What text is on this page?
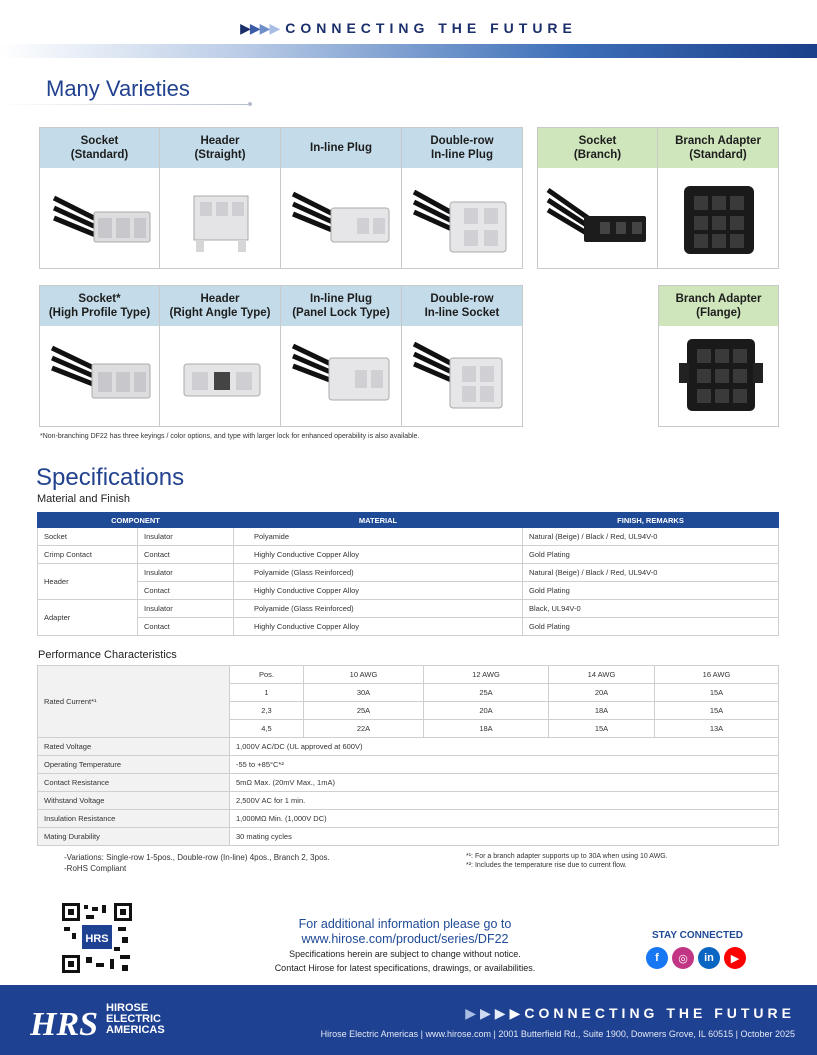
▶▶▶▶ CONNECTING THE FUTURE
Many Varieties
Socket
(Standard)
Header
(Straight)
In-line Plug
Double-row
In-line Plug
Socket
(Branch)
Branch Adapter
(Standard)
Socket*
(High Profile Type)
Header
(Right Angle Type)
In-line Plug
(Panel Lock Type)
Double-row
In-line Socket
Branch Adapter
(Flange)
*Non-branching DF22 has three keyings / color options, and type with larger lock for enhanced operability is also available.
Specifications
Material and Finish
COMPONENT		MATERIAL	FINISH, REMARKS
Socket	Insulator	Polyamide	Natural (Beige) / Black / Red, UL94V-0
Crimp Contact	Contact	Highly Conductive Copper Alloy	Gold Plating
Header	Insulator	Polyamide (Glass Reinforced)	Natural (Beige) / Black / Red, UL94V-0
	Contact	Highly Conductive Copper Alloy	Gold Plating
Adapter	Insulator	Polyamide (Glass Reinforced)	Black, UL94V-0
	Contact	Highly Conductive Copper Alloy	Gold Plating
Performance Characteristics
Rated Current*¹	Pos.	10 AWG	12 AWG	14 AWG	16 AWG
	1	30A	25A	20A	15A
	2,3	25A	20A	18A	15A
	4,5	22A	18A	15A	13A
Rated Voltage	1,000V AC/DC (UL approved at 600V)				
Operating Temperature	-55 to +85°C*²				
Contact Resistance	5mΩ Max. (20mV Max., 1mA)				
Withstand Voltage	2,500V AC for 1 min.				
Insulation Resistance	1,000MΩ Min. (1,000V DC)				
Mating Durability	30 mating cycles				
-Variations: Single-row 1-5pos., Double-row (In-line) 4pos., Branch 2, 3pos.
-RoHS Compliant
*¹: For a branch adapter supports up to 30A when using 10 AWG.
*²: Includes the temperature rise due to current flow.
HRS
For additional information please go to
www.hirose.com/product/series/DF22
Specifications herein are subject to change without notice.
Contact Hirose for latest specifications, drawings, or availabilities.
STAY CONNECTED
f	◎	in	▶
HRS HIROSE
ELECTRIC
AMERICAS
▶▶▶▶CONNECTING THE FUTURE
Hirose Electric Americas | www.hirose.com | 2001 Butterfield Rd., Suite 1900, Downers Grove, IL 60515 | October 2025
